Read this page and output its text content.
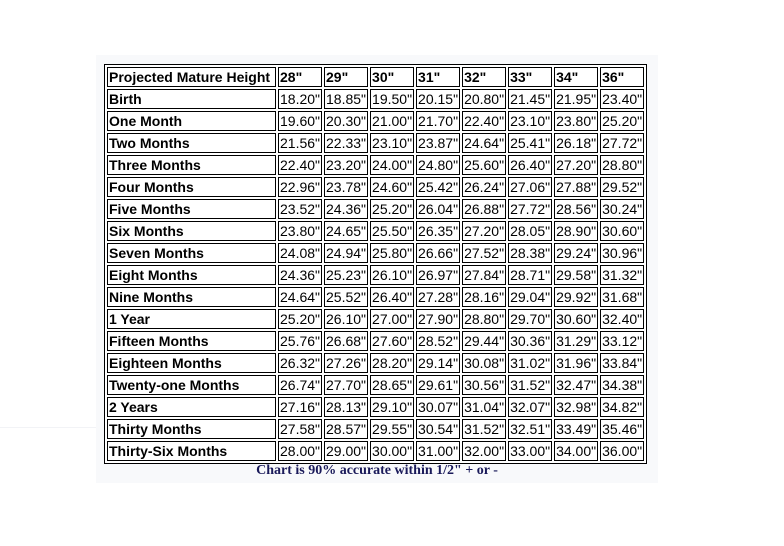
Projected Mature Height	28"	29"	30"	31"	32"	33"	34"	36"
Birth	18.20"	18.85"	19.50"	20.15"	20.80"	21.45"	21.95"	23.40"
One Month	19.60"	20.30"	21.00"	21.70"	22.40"	23.10"	23.80"	25.20"
Two Months	21.56"	22.33"	23.10"	23.87"	24.64"	25.41"	26.18"	27.72"
Three Months	22.40"	23.20"	24.00"	24.80"	25.60"	26.40"	27.20"	28.80"
Four Months	22.96"	23.78"	24.60"	25.42"	26.24"	27.06"	27.88"	29.52"
Five Months	23.52"	24.36"	25.20"	26.04"	26.88"	27.72"	28.56"	30.24"
Six Months	23.80"	24.65"	25.50"	26.35"	27.20"	28.05"	28.90"	30.60"
Seven Months	24.08"	24.94"	25.80"	26.66"	27.52"	28.38"	29.24"	30.96"
Eight Months	24.36"	25.23"	26.10"	26.97"	27.84"	28.71"	29.58"	31.32"
Nine Months	24.64"	25.52"	26.40"	27.28"	28.16"	29.04"	29.92"	31.68"
1 Year	25.20"	26.10"	27.00"	27.90"	28.80"	29.70"	30.60"	32.40"
Fifteen Months	25.76"	26.68"	27.60"	28.52"	29.44"	30.36"	31.29"	33.12"
Eighteen Months	26.32"	27.26"	28.20"	29.14"	30.08"	31.02"	31.96"	33.84"
Twenty-one Months	26.74"	27.70"	28.65"	29.61"	30.56"	31.52"	32.47"	34.38"
2 Years	27.16"	28.13"	29.10"	30.07"	31.04"	32.07"	32.98"	34.82"
Thirty Months	27.58"	28.57"	29.55"	30.54"	31.52"	32.51"	33.49"	35.46"
Thirty-Six Months	28.00"	29.00"	30.00"	31.00"	32.00"	33.00"	34.00"	36.00"
Chart is 90% accurate within 1/2" + or -
